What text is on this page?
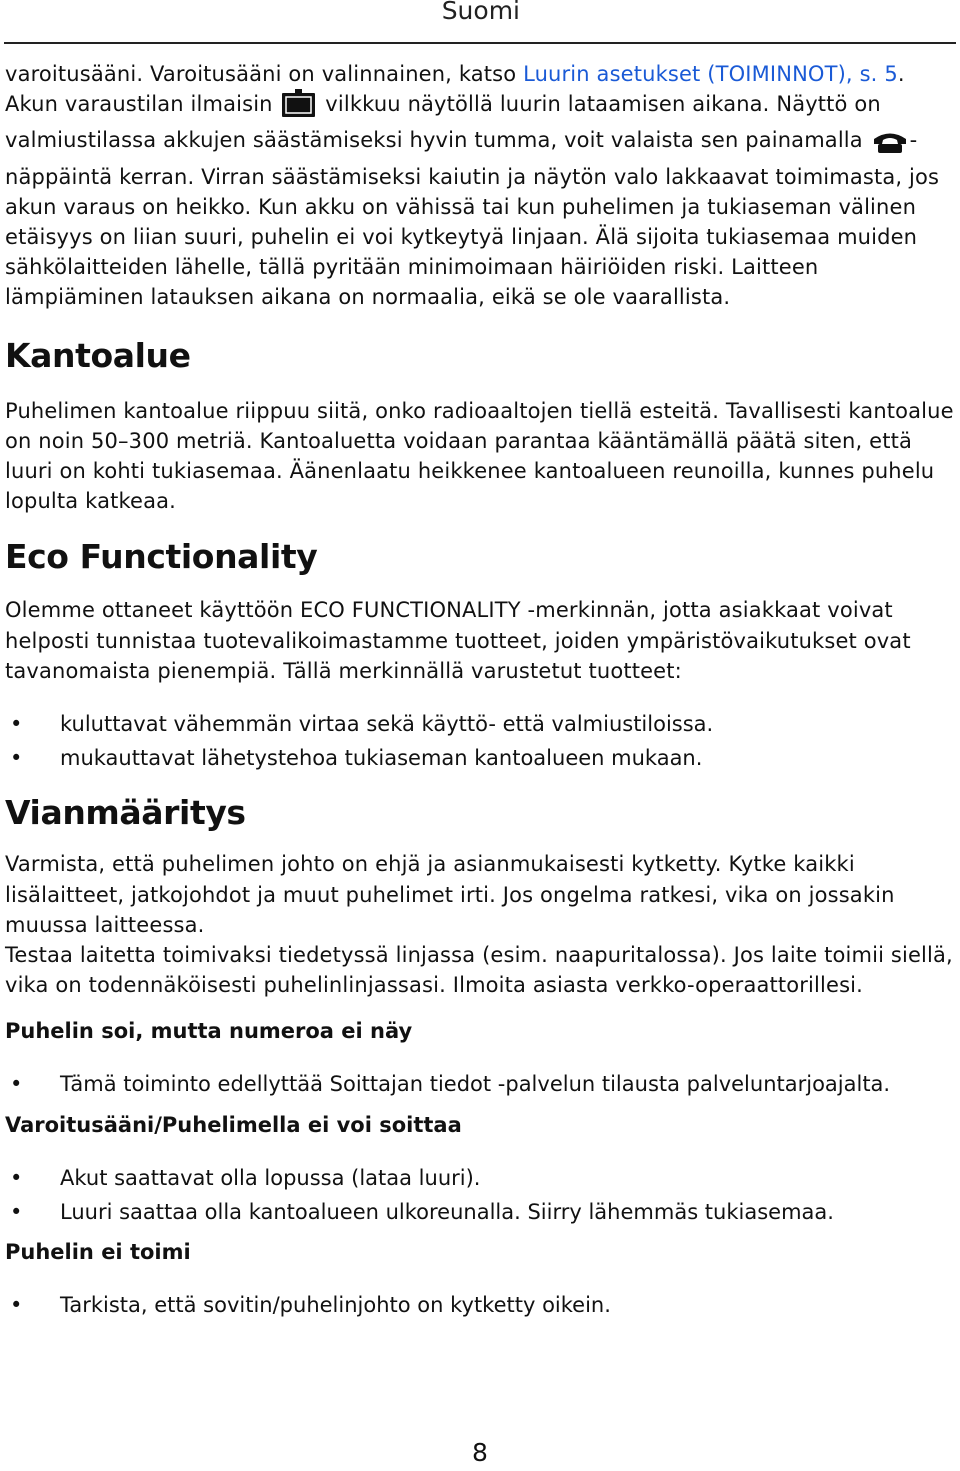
Suomi

varoitusääni. Varoitusääni on valinnainen, katso Luurin asetukset (TOIMINNOT), s. 5. Akun varaustilan ilmaisin  vilkkuu näytöllä luurin lataamisen aikana. Näyttö on valmiustilassa akkujen säästämiseksi hyvin tumma, voit valaista sen painamalla -näppäintä kerran. Virran säästämiseksi kaiutin ja näytön valo lakkaavat toimimasta, jos akun varaus on heikko. Kun akku on vähissä tai kun puhelimen ja tukiaseman välinen etäisyys on liian suuri, puhelin ei voi kytkeytyä linjaan. Älä sijoita tukiasemaa muiden sähkölaitteiden lähelle, tällä pyritään minimoimaan häiriöiden riski. Laitteen lämpiäminen latauksen aikana on normaalia, eikä se ole vaarallista.

Kantoalue

Puhelimen kantoalue riippuu siitä, onko radioaaltojen tiellä esteitä. Tavallisesti kantoalue on noin 50–300 metriä. Kantoaluetta voidaan parantaa kääntämällä päätä siten, että luuri on kohti tukiasemaa. Äänenlaatu heikkenee kantoalueen reunoilla, kunnes puhelu lopulta katkeaa.

Eco Functionality

Olemme ottaneet käyttöön ECO FUNCTIONALITY -merkinnän, jotta asiakkaat voivat helposti tunnistaa tuotevalikoimastamme tuotteet, joiden ympäristövaikutukset ovat tavanomaista pienempiä. Tällä merkinnällä varustetut tuotteet:

• kuluttavat vähemmän virtaa sekä käyttö- että valmiustiloissa.
• mukauttavat lähetystehoa tukiaseman kantoalueen mukaan.
Vianmääritys

Varmista, että puhelimen johto on ehjä ja asianmukaisesti kytketty. Kytke kaikki lisälaitteet, jatkojohdot ja muut puhelimet irti. Jos ongelma ratkesi, vika on jossakin muussa laitteessa.

Testaa laitetta toimivaksi tiedetyssä linjassa (esim. naapuritalossa). Jos laite toimii siellä, vika on todennäköisesti puhelinlinjassasi. Ilmoita asiasta verkko-operaattorillesi.

Puhelin soi, mutta numeroa ei näy
• Tämä toiminto edellyttää Soittajan tiedot -palvelun tilausta palveluntarjoajalta.
Varoitusääni/Puhelimella ei voi soittaa
• Akut saattavat olla lopussa (lataa luuri).
• Luuri saattaa olla kantoalueen ulkoreunalla. Siirry lähemmäs tukiasemaa.
Puhelin ei toimi
• Tarkista, että sovitin/puhelinjohto on kytketty oikein.
8
